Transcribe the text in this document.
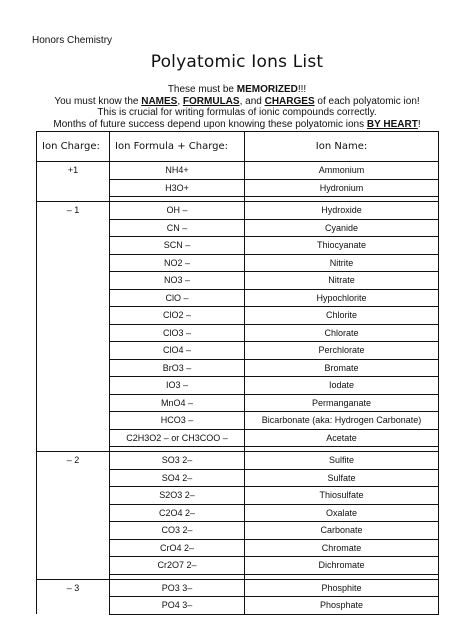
Honors Chemistry
Polyatomic Ions List
These must be MEMORIZED!!!
You must know the NAMES, FORMULAS, and CHARGES of each polyatomic ion!
This is crucial for writing formulas of ionic compounds correctly.
Months of future success depend upon knowing these polyatomic ions BY HEART!
Ion Charge:	Ion Formula + Charge:	Ion Name:
+1	NH4+	Ammonium
	H3O+	Hydronium

– 1	OH –	Hydroxide
	CN –	Cyanide
	SCN –	Thiocyanate
	NO2 –	Nitrite
	NO3 –	Nitrate
	ClO –	Hypochlorite
	ClO2 –	Chlorite
	ClO3 –	Chlorate
	ClO4 –	Perchlorate
	BrO3 –	Bromate
	IO3 –	Iodate
	MnO4 –	Permanganate
	HCO3 –	Bicarbonate (aka: Hydrogen Carbonate)
	C2H3O2 – or CH3COO –	Acetate

– 2	SO3 2–	Sulfite
	SO4 2–	Sulfate
	S2O3 2–	Thiosulfate
	C2O4 2–	Oxalate
	CO3 2–	Carbonate
	CrO4 2–	Chromate
	Cr2O7 2–	Dichromate

– 3	PO3 3–	Phosphite
	PO4 3–	Phosphate
